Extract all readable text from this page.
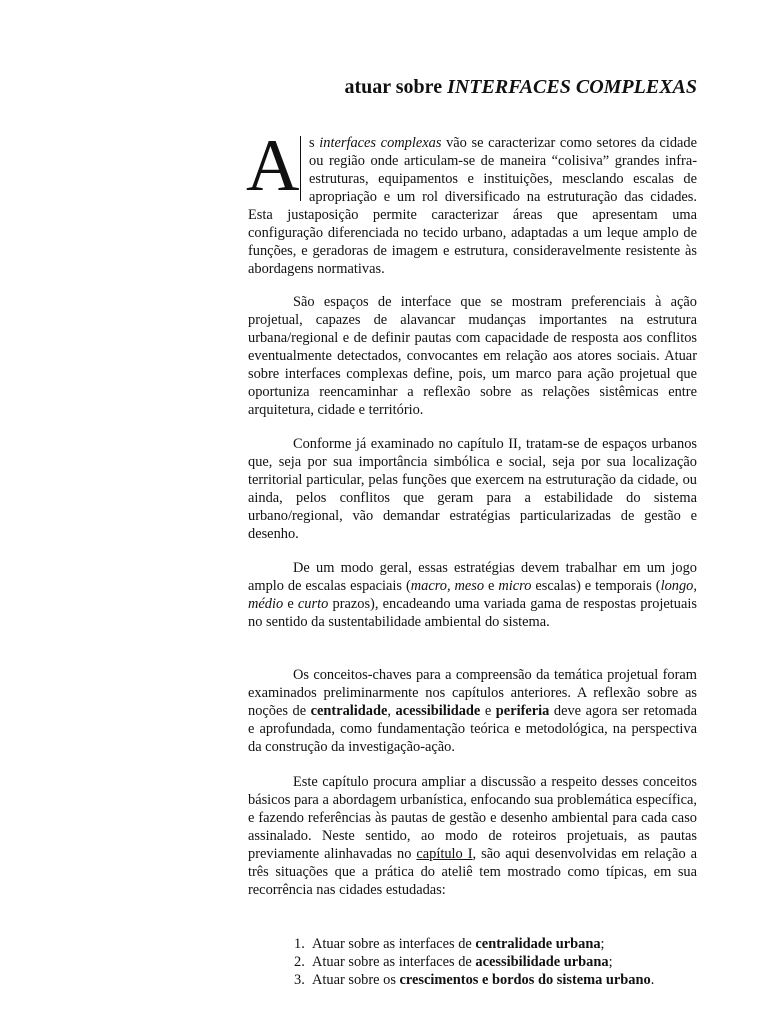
atuar sobre INTERFACES COMPLEXAS
A s interfaces complexas vão se caracterizar como setores da cidade ou região onde articulam-se de maneira “colisiva” grandes infra-estruturas, equipamentos e instituições, mesclando escalas de apropriação e um rol diversificado na estruturação das cidades. Esta justaposição permite caracterizar áreas que apresentam uma configuração diferenciada no tecido urbano, adaptadas a um leque amplo de funções, e geradoras de imagem e estrutura, consideravelmente resistente às abordagens normativas.

São espaços de interface que se mostram preferenciais à ação projetual, capazes de alavancar mudanças importantes na estrutura urbana/regional e de definir pautas com capacidade de resposta aos conflitos eventualmente detectados, convocantes em relação aos atores sociais. Atuar sobre interfaces complexas define, pois, um marco para ação projetual que oportuniza reencaminhar a reflexão sobre as relações sistêmicas entre arquitetura, cidade e território.

Conforme já examinado no capítulo II, tratam-se de espaços urbanos que, seja por sua importância simbólica e social, seja por sua localização territorial particular, pelas funções que exercem na estruturação da cidade, ou ainda, pelos conflitos que geram para a estabilidade do sistema urbano/regional, vão demandar estratégias particularizadas de gestão e desenho.

De um modo geral, essas estratégias devem trabalhar em um jogo amplo de escalas espaciais (macro, meso e micro escalas) e temporais (longo, médio e curto prazos), encadeando uma variada gama de respostas projetuais no sentido da sustentabilidade ambiental do sistema.

Os conceitos-chaves para a compreensão da temática projetual foram examinados preliminarmente nos capítulos anteriores. A reflexão sobre as noções de centralidade, acessibilidade e periferia deve agora ser retomada e aprofundada, como fundamentação teórica e metodológica, na perspectiva da construção da investigação-ação.

Este capítulo procura ampliar a discussão a respeito desses conceitos básicos para a abordagem urbanística, enfocando sua problemática específica, e fazendo referências às pautas de gestão e desenho ambiental para cada caso assinalado. Neste sentido, ao modo de roteiros projetuais, as pautas previamente alinhavadas no capítulo I, são aqui desenvolvidas em relação a três situações que a prática do ateliê tem mostrado como típicas, em sua recorrência nas cidades estudadas:

1. Atuar sobre as interfaces de centralidade urbana;
2. Atuar sobre as interfaces de acessibilidade urbana;
3. Atuar sobre os crescimentos e bordos do sistema urbano.
